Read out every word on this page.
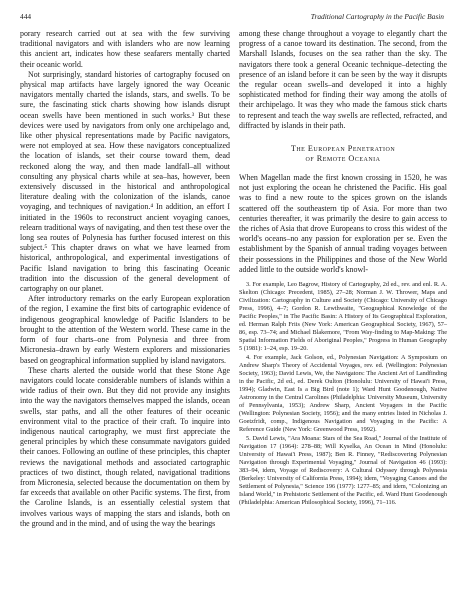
444	Traditional Cartography in the Pacific Basin

porary research carried out at sea with the few surviving traditional navigators and with islanders who are now learning this ancient art, indicates how these seafarers mentally charted their oceanic world.

Not surprisingly, standard histories of cartography focused on physical map artifacts have largely ignored the way Oceanic navigators mentally charted the islands, stars, and swells. To be sure, the fascinating stick charts showing how islands disrupt ocean swells have been mentioned in such works.³ But these devices were used by navigators from only one archipelago and, like other physical representations made by Pacific navigators, were not employed at sea. How these navigators conceptualized the location of islands, set their course toward them, dead reckoned along the way, and then made landfall–all without consulting any physical charts while at sea–has, however, been extensively discussed in the historical and anthropological literature dealing with the colonization of the islands, canoe voyaging, and techniques of navigation.⁴ In addition, an effort I initiated in the 1960s to reconstruct ancient voyaging canoes, relearn traditional ways of navigating, and then test these over the long sea routes of Polynesia has further focused interest on this subject.⁵ This chapter draws on what we have learned from historical, anthropological, and experimental investigations of Pacific Island navigation to bring this fascinating Oceanic tradition into the discussion of the general development of cartography on our planet.

After introductory remarks on the early European exploration of the region, I examine the first bits of cartographic evidence of indigenous geographical knowledge of Pacific Islanders to be brought to the attention of the Western world. These came in the form of four charts–one from Polynesia and three from Micronesia–drawn by early Western explorers and missionaries based on geographical information supplied by island navigators.

These charts alerted the outside world that these Stone Age navigators could locate considerable numbers of islands within a wide radius of their own. But they did not provide any insights into the way the navigators themselves mapped the islands, ocean swells, star paths, and all the other features of their oceanic environment vital to the practice of their craft. To inquire into indigenous nautical cartography, we must first appreciate the general principles by which these consummate navigators guided their canoes. Following an outline of these principles, this chapter reviews the navigational methods and associated cartographic practices of two distinct, though related, navigational traditions from Micronesia, selected because the documentation on them by far exceeds that available on other Pacific systems. The first, from the Caroline Islands, is an essentially celestial system that involves various ways of mapping the stars and islands, both on the ground and in the mind, and of using the way the bearings

among these change throughout a voyage to elegantly chart the progress of a canoe toward its destination. The second, from the Marshall Islands, focuses on the sea rather than the sky. The navigators there took a general Oceanic technique–detecting the presence of an island before it can be seen by the way it disrupts the regular ocean swells–and developed it into a highly sophisticated method for finding their way among the atolls of their archipelago. It was they who made the famous stick charts to represent and teach the way swells are reflected, refracted, and diffracted by islands in their path.

The European Penetration
of Remote Oceania

When Magellan made the first known crossing in 1520, he was not just exploring the ocean he christened the Pacific. His goal was to find a new route to the spices grown on the islands scattered off the southeastern tip of Asia. For more than two centuries thereafter, it was primarily the desire to gain access to the riches of Asia that drove Europeans to cross this widest of the world's oceans–no any passion for exploration per se. Even the establishment by the Spanish of annual trading voyages between their possessions in the Philippines and those of the New World added little to the outside world's knowl-

3. For example, Leo Bagrow, History of Cartography, 2d ed., rev. and enl. R. A. Skelton (Chicago: Precedent, 1985), 27–28; Norman J. W. Thrower, Maps and Civilization: Cartography in Culture and Society (Chicago: University of Chicago Press, 1996), 4–7; Gordon R. Lewthwaite, "Geographical Knowledge of the Pacific Peoples," in The Pacific Basin: A History of Its Geographical Exploration, ed. Herman Ralph Friis (New York: American Geographical Society, 1967), 57–86, esp. 73–74; and Michael Blakemore, "From Way-finding to Map-Making: The Spatial Information Fields of Aboriginal Peoples," Progress in Human Geography 5 (1981): 1–24, esp. 19–20.

4. For example, Jack Golson, ed., Polynesian Navigation: A Symposium on Andrew Sharp's Theory of Accidental Voyages, rev. ed. (Wellington: Polynesian Society, 1963); David Lewis, We, the Navigators: The Ancient Art of Landfinding in the Pacific, 2d ed., ed. Derek Oulton (Honolulu: University of Hawai'i Press, 1994); Gladwin, East Is a Big Bird (note 1); Ward Hunt Goodenough, Native Astronomy in the Central Carolines (Philadelphia: University Museum, University of Pennsylvania, 1953); Andrew Sharp, Ancient Voyagers in the Pacific (Wellington: Polynesian Society, 1956); and the many entries listed in Nicholas J. Goetzfridt, comp., Indigenous Navigation and Voyaging in the Pacific: A Reference Guide (New York: Greenwood Press, 1992).

5. David Lewis, "Ara Moana: Stars of the Sea Road," Journal of the Institute of Navigation 17 (1964): 278–88; Will Kyselka, An Ocean in Mind (Honolulu: University of Hawai'i Press, 1987); Ben R. Finney, "Rediscovering Polynesian Navigation through Experimental Voyaging," Journal of Navigation 46 (1993): 383–94, idem, Voyage of Rediscovery: A Cultural Odyssey through Polynesia (Berkeley: University of California Press, 1994); idem, "Voyaging Canoes and the Settlement of Polynesia," Science 196 (1977): 1277–85; and idem, "Colonizing an Island World," in Prehistoric Settlement of the Pacific, ed. Ward Hunt Goodenough (Philadelphia: American Philosophical Society, 1996), 71–116.
